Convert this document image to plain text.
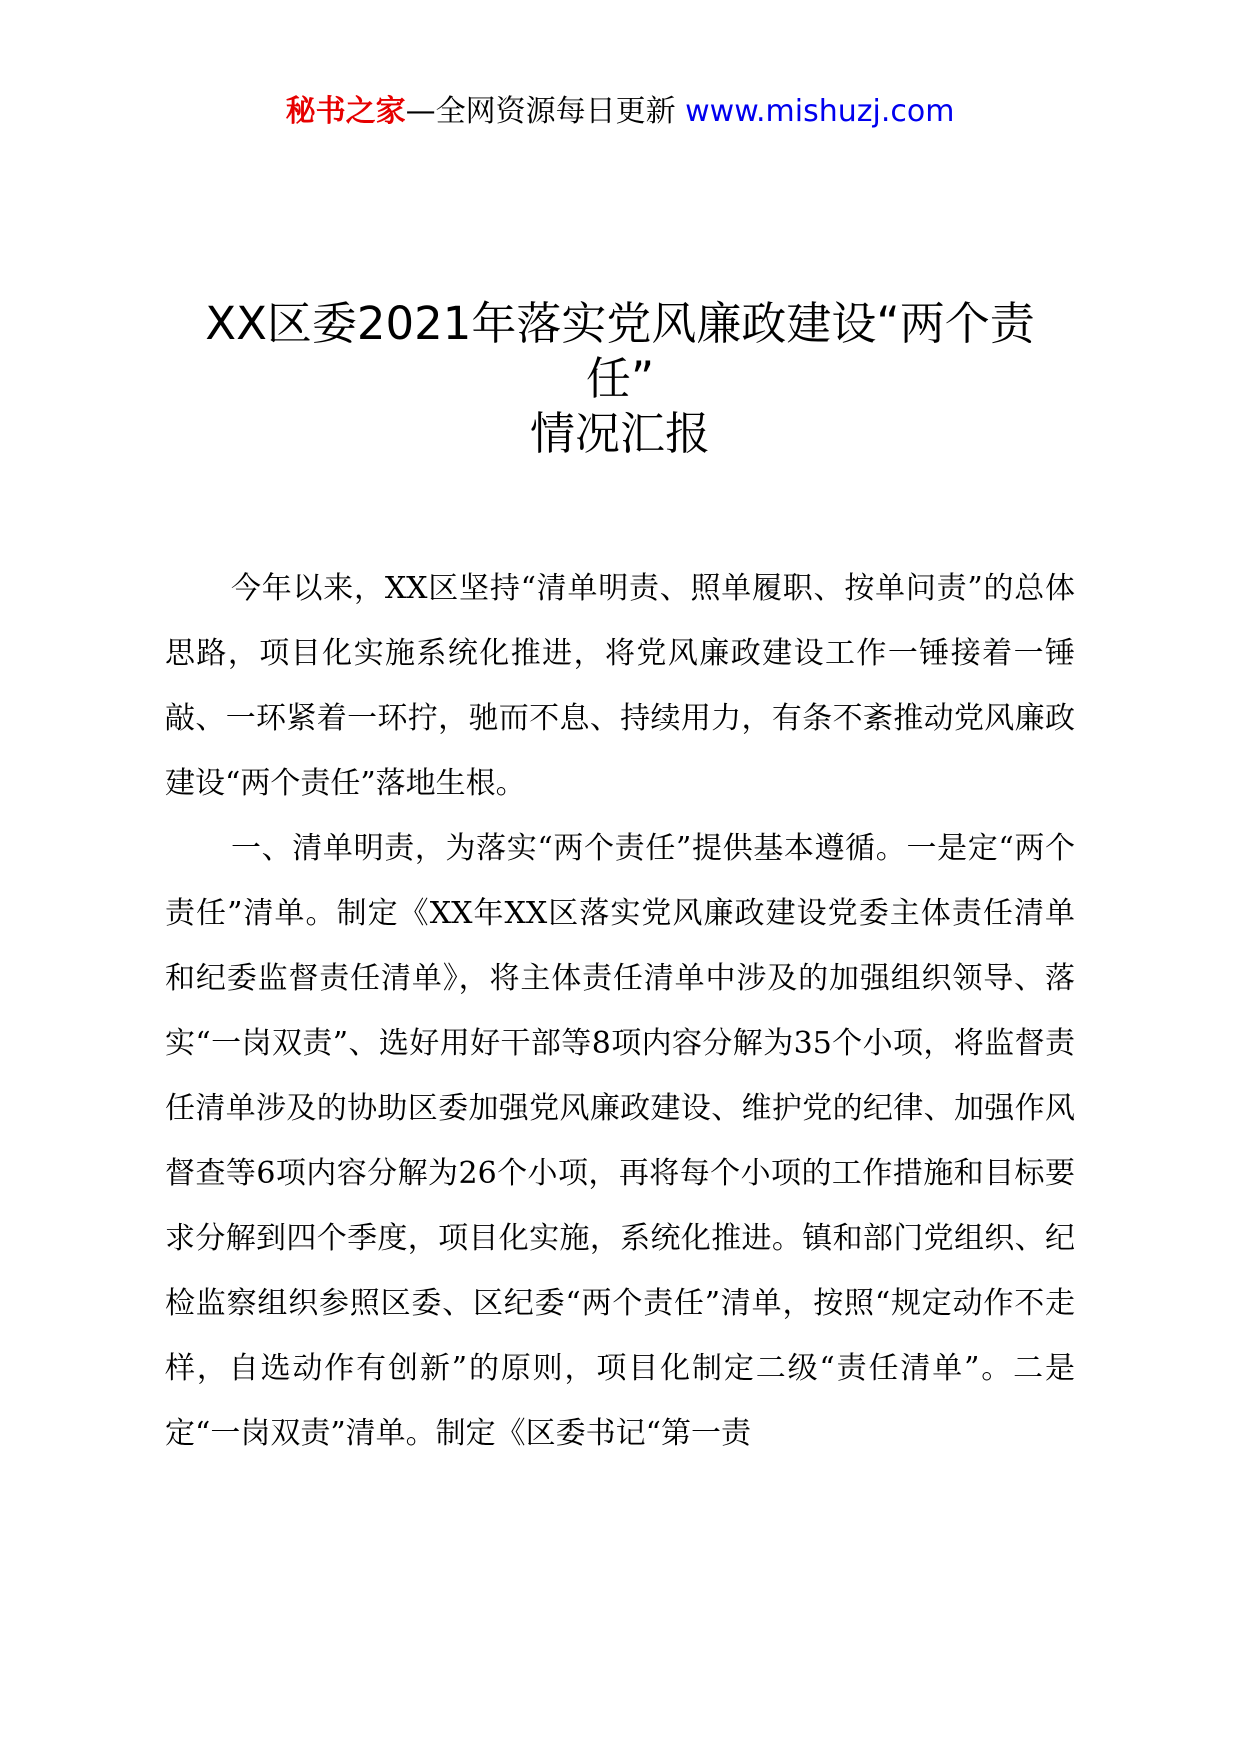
秘书之家—全网资源每日更新 www.mishuzj.com
XX区委2021年落实党风廉政建设“两个责
任”
情况汇报

今年以来，XX区坚持“清单明责、照单履职、按单问责”的总体思路，项目化实施系统化推进，将党风廉政建设工作一锤接着一锤敲、一环紧着一环拧，驰而不息、持续用力，有条不紊推动党风廉政建设“两个责任”落地生根。

一、清单明责，为落实“两个责任”提供基本遵循。一是定“两个责任”清单。制定《XX年XX区落实党风廉政建设党委主体责任清单和纪委监督责任清单》，将主体责任清单中涉及的加强组织领导、落实“一岗双责”、选好用好干部等8项内容分解为35个小项，将监督责任清单涉及的协助区委加强党风廉政建设、维护党的纪律、加强作风督查等6项内容分解为26个小项，再将每个小项的工作措施和目标要求分解到四个季度，项目化实施，系统化推进。镇和部门党组织、纪检监察组织参照区委、区纪委“两个责任”清单，按照“规定动作不走样，自选动作有创新”的原则，项目化制定二级“责任清单”。二是定“一岗双责”清单。制定《区委书记“第一责
